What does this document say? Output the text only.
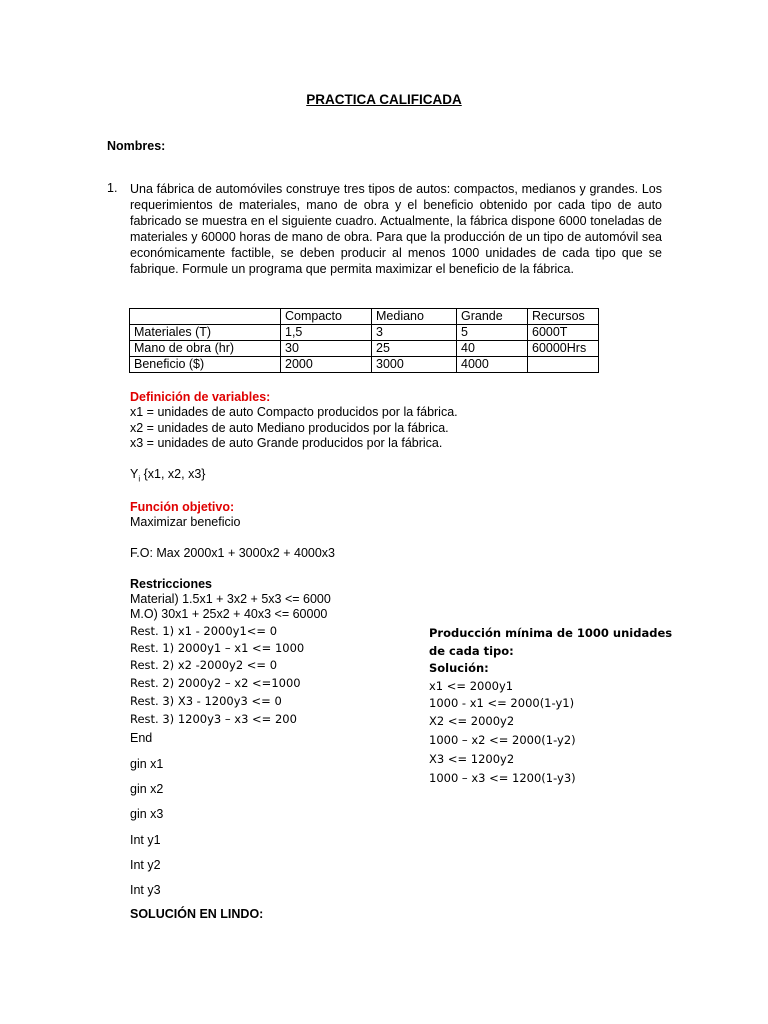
PRACTICA CALIFICADA
Nombres:
1. Una fábrica de automóviles construye tres tipos de autos: compactos, medianos y grandes. Los requerimientos de materiales, mano de obra y el beneficio obtenido por cada tipo de auto fabricado se muestra en el siguiente cuadro. Actualmente, la fábrica dispone 6000 toneladas de materiales y 60000 horas de mano de obra. Para que la producción de un tipo de automóvil sea económicamente factible, se deben producir al menos 1000 unidades de cada tipo que se fabrique. Formule un programa que permita maximizar el beneficio de la fábrica.
	Compacto	Mediano	Grande	Recursos
Materiales (T)	1,5	3	5	6000T
Mano de obra (hr)	30	25	40	60000Hrs
Beneficio ($)	2000	3000	4000	
Definición de variables:
x1 = unidades de auto Compacto producidos por la fábrica.
x2 = unidades de auto Mediano producidos por la fábrica.
x3 = unidades de auto Grande producidos por la fábrica.
$Y_i$ {x1, x2, x3}
Función objetivo:
Maximizar beneficio
F.O: Max 2000x1 + 3000x2 + 4000x3
Restricciones
Material) 1.5x1 + 3x2 + 5x3 <= 6000
M.O) 30x1 + 25x2 + 40x3 <= 60000
Rest. 1) x1 - 2000y1<= 0
Rest. 1) 2000y1 – x1 <= 1000
Rest. 2) x2 -2000y2 <= 0
Rest. 2) 2000y2 – x2 <=1000
Rest. 3) X3 - 1200y3 <= 0
Rest. 3) 1200y3 – x3 <= 200
End
gin x1
gin x2
gin x3
Int y1
Int y2
Int y3
SOLUCIÓN EN LINDO:
Producción mínima de 1000 unidades
de cada tipo:
Solución:
x1 <= 2000y1
1000 - x1 <= 2000(1-y1)
X2 <= 2000y2
1000 – x2 <= 2000(1-y2)
X3 <= 1200y2
1000 – x3 <= 1200(1-y3)
